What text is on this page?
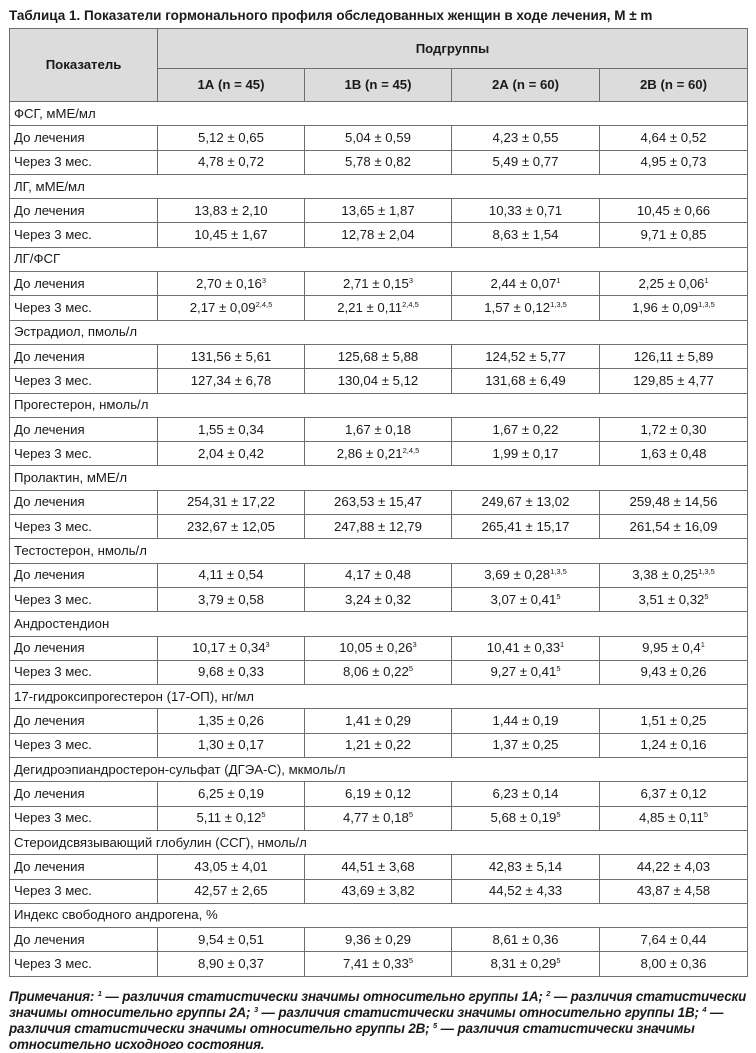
Таблица 1. Показатели гормонального профиля обследованных женщин в ходе лечения, M ± m
Показатель	Подгруппы			
	1А (n = 45)	1В (n = 45)	2А (n = 60)	2В (n = 60)
ФСГ, мМЕ/мл				
До лечения	5,12 ± 0,65	5,04 ± 0,59	4,23 ± 0,55	4,64 ± 0,52
Через 3 мес.	4,78 ± 0,72	5,78 ± 0,82	5,49 ± 0,77	4,95 ± 0,73
ЛГ, мМЕ/мл				
До лечения	13,83 ± 2,10	13,65 ± 1,87	10,33 ± 0,71	10,45 ± 0,66
Через 3 мес.	10,45 ± 1,67	12,78 ± 2,04	8,63 ± 1,54	9,71 ± 0,85
ЛГ/ФСГ				
До лечения	$2,70 \pm 0,16^3$	$2,71 \pm 0,15^3$	$2,44 \pm 0,07^1$	$2,25 \pm 0,06^1$
Через 3 мес.	$2,17 \pm 0,09^{2,4,5}$	$2,21 \pm 0,11^{2,4,5}$	$1,57 \pm 0,12^{1,3,5}$	$1,96 \pm 0,09^{1,3,5}$
Эстрадиол, пмоль/л				
До лечения	131,56 ± 5,61	125,68 ± 5,88	124,52 ± 5,77	126,11 ± 5,89
Через 3 мес.	127,34 ± 6,78	130,04 ± 5,12	131,68 ± 6,49	129,85 ± 4,77
Прогестерон, нмоль/л				
До лечения	1,55 ± 0,34	1,67 ± 0,18	1,67 ± 0,22	1,72 ± 0,30
Через 3 мес.	2,04 ± 0,42	$2,86 \pm 0,21^{2,4,5}$	1,99 ± 0,17	1,63 ± 0,48
Пролактин, мМЕ/л				
До лечения	254,31 ± 17,22	263,53 ± 15,47	249,67 ± 13,02	259,48 ± 14,56
Через 3 мес.	232,67 ± 12,05	247,88 ± 12,79	265,41 ± 15,17	261,54 ± 16,09
Тестостерон, нмоль/л				
До лечения	4,11 ± 0,54	4,17 ± 0,48	$3,69 \pm 0,28^{1,3,5}$	$3,38 \pm 0,25^{1,3,5}$
Через 3 мес.	3,79 ± 0,58	3,24 ± 0,32	$3,07 \pm 0,41^5$	$3,51 \pm 0,32^5$
Андростендион				
До лечения	$10,17 \pm 0,34^3$	$10,05 \pm 0,26^3$	$10,41 \pm 0,33^1$	$9,95 \pm 0,4^1$
Через 3 мес.	9,68 ± 0,33	$8,06 \pm 0,22^5$	$9,27 \pm 0,41^5$	9,43 ± 0,26
17-гидроксипрогестерон (17-ОП), нг/мл				
До лечения	1,35 ± 0,26	1,41 ± 0,29	1,44 ± 0,19	1,51 ± 0,25
Через 3 мес.	1,30 ± 0,17	1,21 ± 0,22	1,37 ± 0,25	1,24 ± 0,16
Дегидроэпиандростерон-сульфат (ДГЭА-С), мкмоль/л				
До лечения	6,25 ± 0,19	6,19 ± 0,12	6,23 ± 0,14	6,37 ± 0,12
Через 3 мес.	$5,11 \pm 0,12^5$	$4,77 \pm 0,18^5$	$5,68 \pm 0,19^5$	$4,85 \pm 0,11^5$
Стероидсвязывающий глобулин (ССГ), нмоль/л				
До лечения	43,05 ± 4,01	44,51 ± 3,68	42,83 ± 5,14	44,22 ± 4,03
Через 3 мес.	42,57 ± 2,65	43,69 ± 3,82	44,52 ± 4,33	43,87 ± 4,58
Индекс свободного андрогена, %				
До лечения	9,54 ± 0,51	9,36 ± 0,29	8,61 ± 0,36	7,64 ± 0,44
Через 3 мес.	8,90 ± 0,37	$7,41 \pm 0,33^5$	$8,31 \pm 0,29^5$	8,00 ± 0,36
Примечания: $^1$ — различия статистически значимы относительно группы 1А; $^2$ — различия статистически значимы относительно группы 2А; $^3$ — различия статистически значимы относительно группы 1В; $^4$ — различия статистически значимы относительно группы 2В; $^5$ — различия статистически значимы относительно исходного состояния.
